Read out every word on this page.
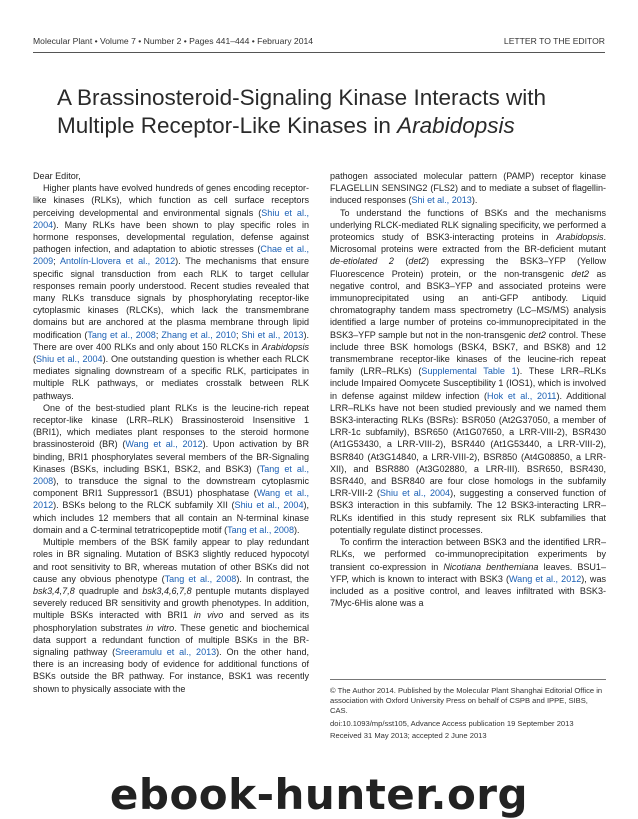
Molecular Plant • Volume 7 • Number 2 • Pages 441–444 • February 2014	LETTER TO THE EDITOR
A Brassinosteroid-Signaling Kinase Interacts with Multiple Receptor-Like Kinases in Arabidopsis

Dear Editor,

Higher plants have evolved hundreds of genes encoding receptor-like kinases (RLKs), which function as cell surface receptors perceiving developmental and environmental signals (Shiu et al., 2004). Many RLKs have been shown to play specific roles in hormone responses, developmental regulation, defense against pathogen infection, and adaptation to abiotic stresses (Chae et al., 2009; Antolín-Llovera et al., 2012). The mechanisms that ensure specific signal transduction from each RLK to target cellular responses remain poorly understood. Recent studies revealed that many RLKs transduce signals by phosphorylating receptor-like cytoplasmic kinases (RLCKs), which lack the transmembrane domains but are anchored at the plasma membrane through lipid modification (Tang et al., 2008; Zhang et al., 2010; Shi et al., 2013). There are over 400 RLKs and only about 150 RLCKs in Arabidopsis (Shiu et al., 2004). One outstanding question is whether each RLCK mediates signaling downstream of a specific RLK, participates in multiple RLK pathways, or mediates crosstalk between RLK pathways.

One of the best-studied plant RLKs is the leucine-rich repeat receptor-like kinase (LRR–RLK) Brassinosteroid Insensitive 1 (BRI1), which mediates plant responses to the steroid hormone brassinosteroid (BR) (Wang et al., 2012). Upon activation by BR binding, BRI1 phosphorylates several members of the BR-Signaling Kinases (BSKs, including BSK1, BSK2, and BSK3) (Tang et al., 2008), to transduce the signal to the downstream cytoplasmic component BRI1 Suppressor1 (BSU1) phosphatase (Wang et al., 2012). BSKs belong to the RLCK subfamily XII (Shiu et al., 2004), which includes 12 members that all contain an N-terminal kinase domain and a C-terminal tetratricopeptide motif (Tang et al., 2008).

Multiple members of the BSK family appear to play redundant roles in BR signaling. Mutation of BSK3 slightly reduced hypocotyl and root sensitivity to BR, whereas mutation of other BSKs did not cause any obvious phenotype (Tang et al., 2008). In contrast, the bsk3,4,7,8 quadruple and bsk3,4,6,7,8 pentuple mutants displayed severely reduced BR sensitivity and growth phenotypes. In addition, multiple BSKs interacted with BRI1 in vivo and served as its phosphorylation substrates in vitro. These genetic and biochemical data support a redundant function of multiple BSKs in the BR-signaling pathway (Sreeramulu et al., 2013). On the other hand, there is an increasing body of evidence for additional functions of BSKs outside the BR pathway. For instance, BSK1 was recently shown to physically associate with the

pathogen associated molecular pattern (PAMP) receptor kinase FLAGELLIN SENSING2 (FLS2) and to mediate a subset of flagellin-induced responses (Shi et al., 2013).

To understand the functions of BSKs and the mechanisms underlying RLCK-mediated RLK signaling specificity, we performed a proteomics study of BSK3-interacting proteins in Arabidopsis. Microsomal proteins were extracted from the BR-deficient mutant de-etiolated 2 (det2) expressing the BSK3–YFP (Yellow Fluorescence Protein) protein, or the non-transgenic det2 as negative control, and BSK3–YFP and associated proteins were immunoprecipitated using an anti-GFP antibody. Liquid chromatography tandem mass spectrometry (LC–MS/MS) analysis identified a large number of proteins co-immunoprecipitated in the BSK3–YFP sample but not in the non-transgenic det2 control. These include three BSK homologs (BSK4, BSK7, and BSK8) and 12 transmembrane receptor-like kinases of the leucine-rich repeat family (LRR–RLKs) (Supplemental Table 1). These LRR–RLKs include Impaired Oomycete Susceptibility 1 (IOS1), which is involved in defense against mildew infection (Hok et al., 2011). Additional LRR–RLKs have not been studied previously and we named them BSK3-interacting RLKs (BSRs): BSR050 (At2G37050, a member of LRR-1c subfamily), BSR650 (At1G07650, a LRR-VIII-2), BSR430 (At1G53430, a LRR-VIII-2), BSR440 (At1G53440, a LRR-VIII-2), BSR840 (At3G14840, a LRR-VIII-2), BSR850 (At4G08850, a LRR-XII), and BSR880 (At3G02880, a LRR-III). BSR650, BSR430, BSR440, and BSR840 are four close homologs in the subfamily LRR-VIII-2 (Shiu et al., 2004), suggesting a conserved function of BSK3 interaction in this subfamily. The 12 BSK3-interacting LRR–RLKs identified in this study represent six RLK subfamilies that potentially regulate distinct processes.

To confirm the interaction between BSK3 and the identified LRR–RLKs, we performed co-immunoprecipitation experiments by transient co-expression in Nicotiana benthemiana leaves. BSU1–YFP, which is known to interact with BSK3 (Wang et al., 2012), was included as a positive control, and leaves infiltrated with BSK3-7Myc-6His alone was a

© The Author 2014. Published by the Molecular Plant Shanghai Editorial Office in association with Oxford University Press on behalf of CSPB and IPPE, SIBS, CAS.
doi:10.1093/mp/sst105, Advance Access publication 19 September 2013
Received 31 May 2013; accepted 2 June 2013
ebook-hunter.org
